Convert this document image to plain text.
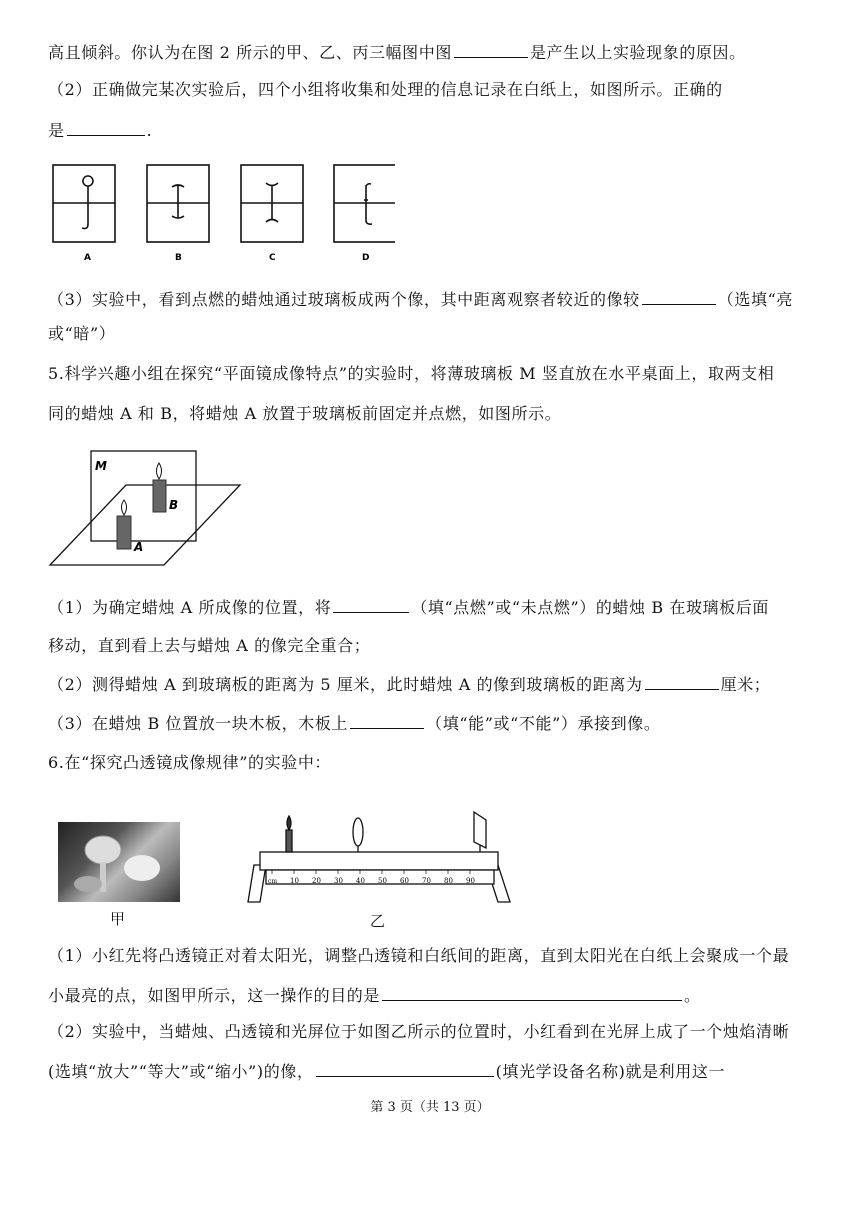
高且倾斜。你认为在图 2 所示的甲、乙、丙三幅图中图	是产生以上实验现象的原因。
（2）正确做完某次实验后，四个小组将收集和处理的信息记录在白纸上，如图所示。正确的
是	.
A	B	C	D
（3）实验中，看到点燃的蜡烛通过玻璃板成两个像，其中距离观察者较近的像较	（选填“亮
或“暗”）
5.科学兴趣小组在探究“平面镜成像特点”的实验时，将薄玻璃板 M 竖直放在水平桌面上，取两支相
同的蜡烛 A 和 B，将蜡烛 A 放置于玻璃板前固定并点燃，如图所示。
M
B
A
（1）为确定蜡烛 A 所成像的位置，将	（填“点燃”或“未点燃”）的蜡烛 B 在玻璃板后面
移动，直到看上去与蜡烛 A 的像完全重合；
（2）测得蜡烛 A 到玻璃板的距离为 5 厘米，此时蜡烛 A 的像到玻璃板的距离为	厘米；
（3）在蜡烛 B 位置放一块木板，木板上	（填“能”或“不能”）承接到像。
6.在“探究凸透镜成像规律”的实验中：
甲
cm 10 20 30 40 50 60 70 80 90
乙
（1）小红先将凸透镜正对着太阳光，调整凸透镜和白纸间的距离，直到太阳光在白纸上会聚成一个最
小最亮的点，如图甲所示，这一操作的目的是	。
（2）实验中，当蜡烛、凸透镜和光屏位于如图乙所示的位置时，小红看到在光屏上成了一个烛焰清晰
(选填“放大”“等大”或“缩小”)的像，	(填光学设备名称)就是利用这一
第 3 页（共 13 页）
